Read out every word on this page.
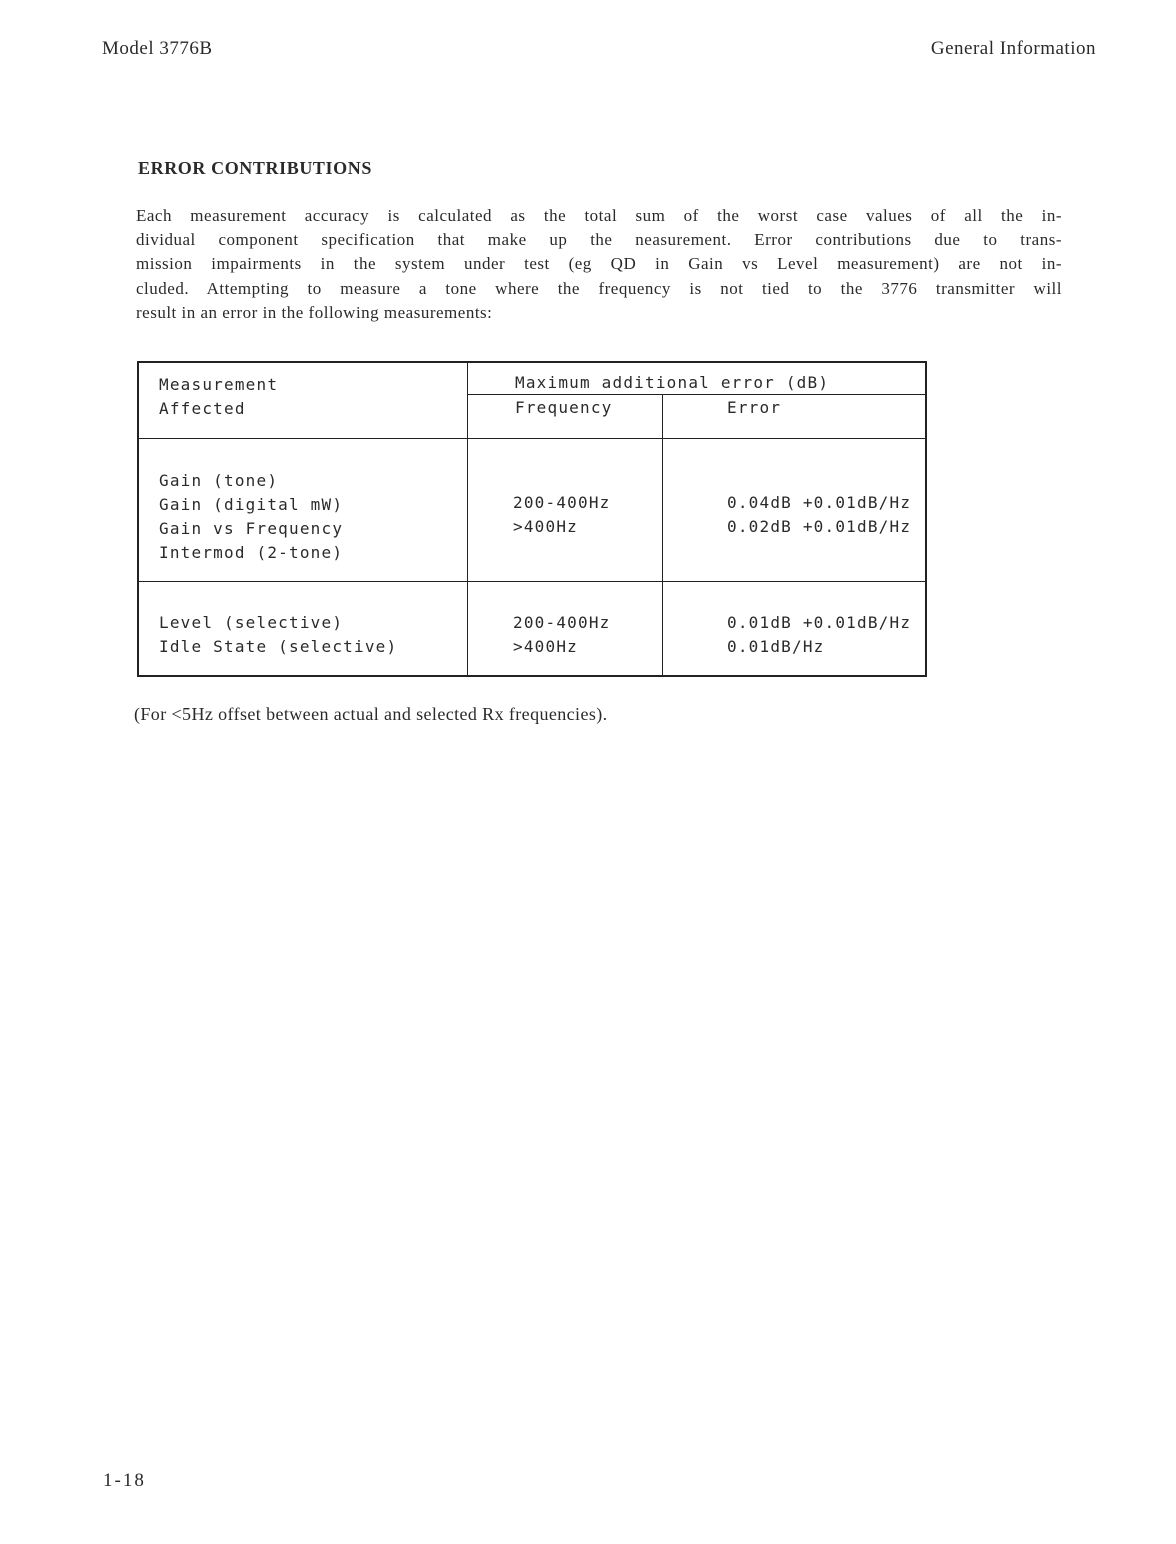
Model 3776B	General Information
ERROR CONTRIBUTIONS
Each measurement accuracy is calculated as the total sum of the worst case values of all the in-
dividual component specification that make up the neasurement. Error contributions due to trans-
mission impairments in the system under test (eg QD in Gain vs Level measurement) are not in-
cluded. Attempting to measure a tone where the frequency is not tied to the 3776 transmitter will
result in an error in the following measurements:
Measurement
Affected
Maximum additional error (dB)
Frequency	Error
Gain (tone)
Gain (digital mW)
Gain vs Frequency
Intermod (2-tone)
200-400Hz
>400Hz
0.04dB +0.01dB/Hz
0.02dB +0.01dB/Hz
Level (selective)
Idle State (selective)
200-400Hz
>400Hz
0.01dB +0.01dB/Hz
0.01dB/Hz
(For <5Hz offset between actual and selected Rx frequencies).
1-18
